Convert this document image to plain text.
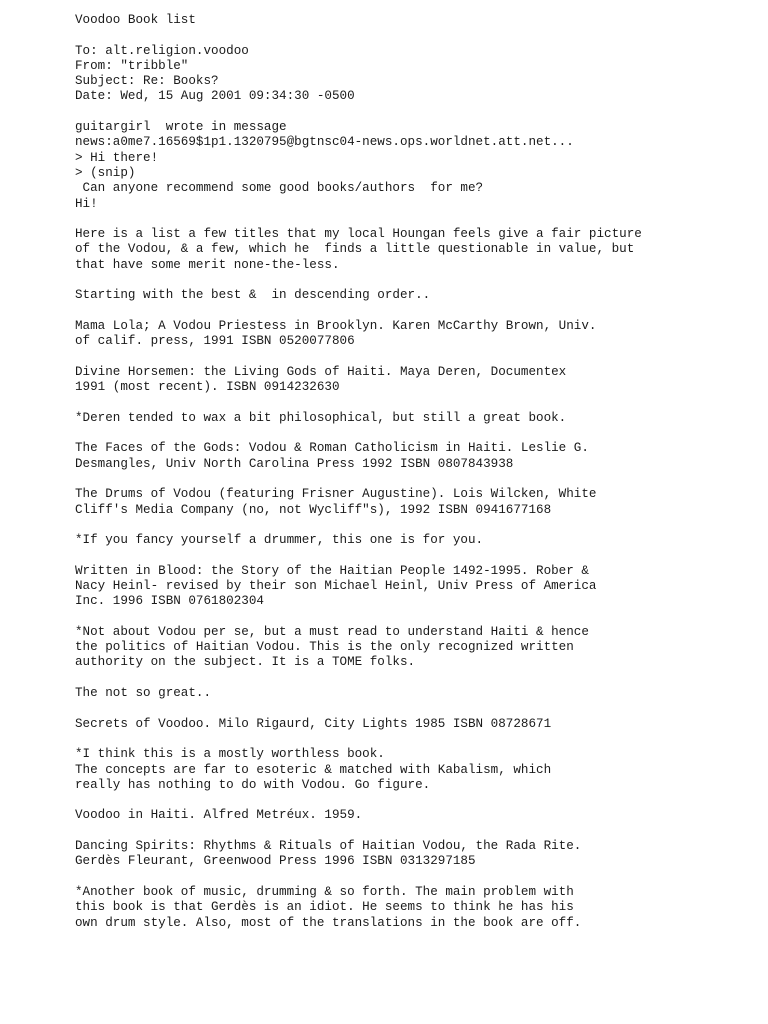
Voodoo Book list
To: alt.religion.voodoo
From: "tribble"
Subject: Re: Books?
Date: Wed, 15 Aug 2001 09:34:30 -0500
guitargirl  wrote in message
news:a0me7.16569$1p1.1320795@bgtnsc04-news.ops.worldnet.att.net...
> Hi there!
> (snip)
Can anyone recommend some good books/authors  for me?
Hi!
Here is a list a few titles that my local Houngan feels give a fair picture
of the Vodou, & a few, which he  finds a little questionable in value, but
that have some merit none-the-less.
Starting with the best &  in descending order..
Mama Lola; A Vodou Priestess in Brooklyn. Karen McCarthy Brown, Univ.
of calif. press, 1991 ISBN 0520077806
Divine Horsemen: the Living Gods of Haiti. Maya Deren, Documentex
1991 (most recent). ISBN 0914232630
*Deren tended to wax a bit philosophical, but still a great book.
The Faces of the Gods: Vodou & Roman Catholicism in Haiti. Leslie G.
Desmangles, Univ North Carolina Press 1992 ISBN 0807843938
The Drums of Vodou (featuring Frisner Augustine). Lois Wilcken, White
Cliff's Media Company (no, not Wycliff"s), 1992 ISBN 0941677168
*If you fancy yourself a drummer, this one is for you.
Written in Blood: the Story of the Haitian People 1492-1995. Rober &
Nacy Heinl- revised by their son Michael Heinl, Univ Press of America
Inc. 1996 ISBN 0761802304
*Not about Vodou per se, but a must read to understand Haiti & hence
the politics of Haitian Vodou. This is the only recognized written
authority on the subject. It is a TOME folks.
The not so great..
Secrets of Voodoo. Milo Rigaurd, City Lights 1985 ISBN 08728671
*I think this is a mostly worthless book.
The concepts are far to esoteric & matched with Kabalism, which
really has nothing to do with Vodou. Go figure.
Voodoo in Haiti. Alfred Metréux. 1959.
Dancing Spirits: Rhythms & Rituals of Haitian Vodou, the Rada Rite.
Gerdès Fleurant, Greenwood Press 1996 ISBN 0313297185
*Another book of music, drumming & so forth. The main problem with
this book is that Gerdès is an idiot. He seems to think he has his
own drum style. Also, most of the translations in the book are off.
